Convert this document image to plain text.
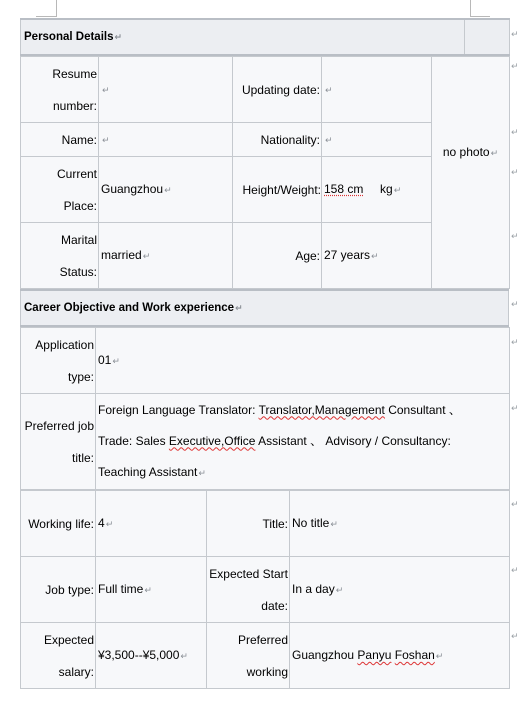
↵
↵
↵
↵
↵
↵
↵
↵
↵
↵
↵
Personal Details↵	
Resume number:	↵	Updating date:	↵	no photo↵
Name:	↵	Nationality:	↵	
Current Place:	Guangzhou↵	Height/Weight:	158 cm kg↵	
Marital Status:	married↵	Age:	27 years↵	
Career Objective and Work experience↵
Application type:	01↵
Preferred job title:	Foreign Language Translator: Translator,Management Consultant 、
Trade: Sales Executive,Office Assistant 、 Advisory / Consultancy:
Teaching Assistant↵
Working life:	4↵	Title:	No title↵
Job type:	Full time↵	Expected Start date:	In a day↵
Expected salary:	¥3,500--¥5,000↵	Preferred working	Guangzhou Panyu Foshan↵
